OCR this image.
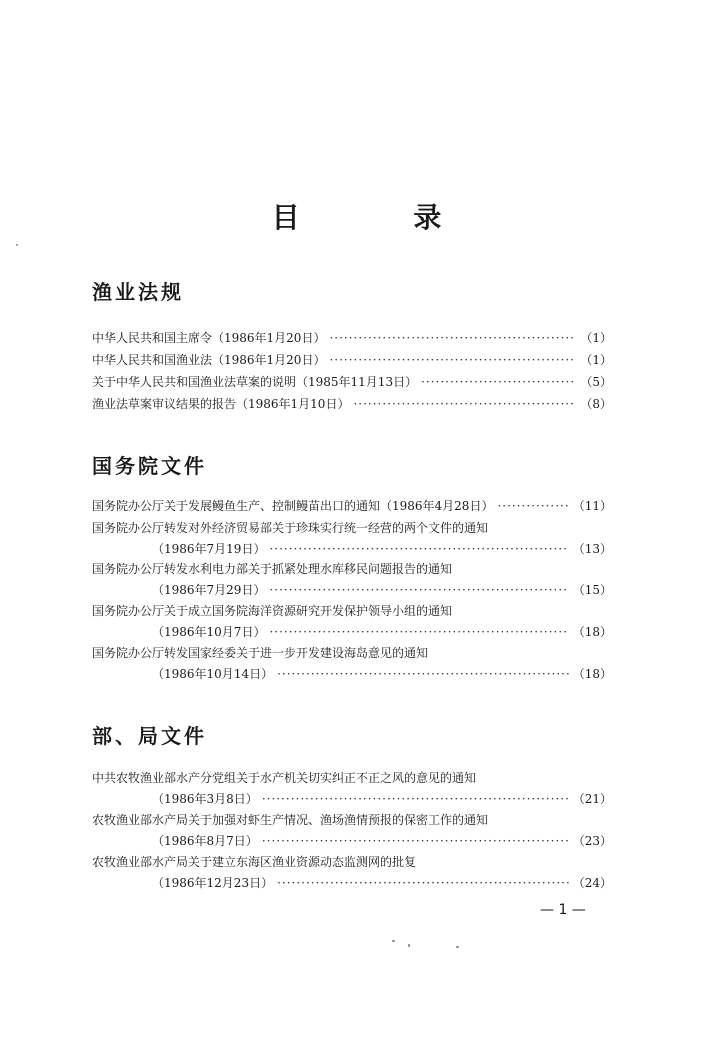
目 录
渔业法规
中华人民共和国主席令（1986年1月20日） ·····	（1）
中华人民共和国渔业法（1986年1月20日） ·····	（1）
关于中华人民共和国渔业法草案的说明（1985年11月13日） ·····	（5）
渔业法草案审议结果的报告（1986年1月10日） ·····	（8）
国务院文件
国务院办公厅关于发展鳗鱼生产、控制鳗苗出口的通知（1986年4月28日） ·····	（11）
国务院办公厅转发对外经济贸易部关于珍珠实行统一经营的两个文件的通知
（1986年7月19日） ·····	（13）
国务院办公厅转发水利电力部关于抓紧处理水库移民问题报告的通知
（1986年7月29日） ·····	（15）
国务院办公厅关于成立国务院海洋资源研究开发保护领导小组的通知
（1986年10月7日） ·····	（18）
国务院办公厅转发国家经委关于进一步开发建设海岛意见的通知
（1986年10月14日） ·····	（18）
部、局文件
中共农牧渔业部水产分党组关于水产机关切实纠正不正之风的意见的通知
（1986年3月8日） ·····	（21）
农牧渔业部水产局关于加强对虾生产情况、渔场渔情预报的保密工作的通知
（1986年8月7日） ·····	（23）
农牧渔业部水产局关于建立东海区渔业资源动态监测网的批复
（1986年12月23日） ·····	（24）
— 1 —
